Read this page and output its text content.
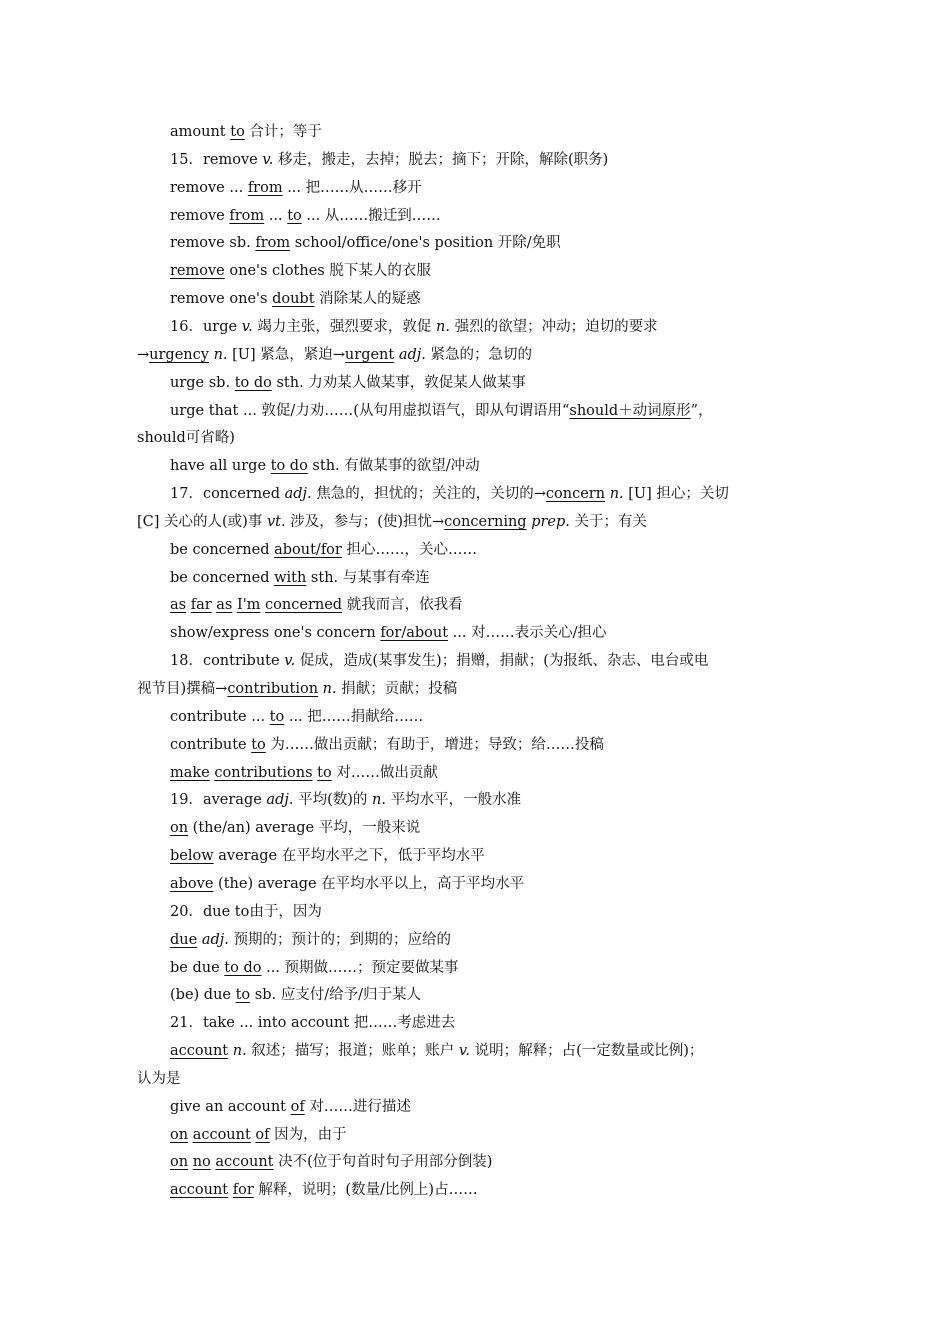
amount to 合计；等于
15．remove v. 移走，搬走，去掉；脱去；摘下；开除，解除(职务)
remove ... from ... 把……从……移开
remove from ... to ... 从……搬迁到……
remove sb. from school/office/one's position 开除/免职
remove one's clothes 脱下某人的衣服
remove one's doubt 消除某人的疑惑
16．urge v. 竭力主张，强烈要求，敦促 n. 强烈的欲望；冲动；迫切的要求
→urgency n. [U] 紧急，紧迫→urgent adj. 紧急的；急切的
urge sb. to do sth. 力劝某人做某事，敦促某人做某事
urge that ... 敦促/力劝……(从句用虚拟语气，即从句谓语用“should＋动词原形”，
should可省略)
have all urge to do sth. 有做某事的欲望/冲动
17．concerned adj. 焦急的，担忧的；关注的，关切的→concern n. [U] 担心；关切
[C] 关心的人(或)事 vt. 涉及，参与；(使)担忧→concerning prep. 关于；有关
be concerned about/for 担心……，关心……
be concerned with sth. 与某事有牵连
as far as I'm concerned 就我而言，依我看
show/express one's concern for/about ... 对……表示关心/担心
18．contribute v. 促成，造成(某事发生)；捐赠，捐献；(为报纸、杂志、电台或电
视节目)撰稿→contribution n. 捐献；贡献；投稿
contribute ... to ... 把……捐献给……
contribute to 为……做出贡献；有助于，增进；导致；给……投稿
make contributions to 对……做出贡献
19．average adj. 平均(数)的 n. 平均水平，一般水准
on (the/an) average 平均，一般来说
below average 在平均水平之下，低于平均水平
above (the) average 在平均水平以上，高于平均水平
20．due to由于，因为
due adj. 预期的；预计的；到期的；应给的
be due to do ... 预期做……；预定要做某事
(be) due to sb. 应支付/给予/归于某人
21．take ... into account 把……考虑进去
account n. 叙述；描写；报道；账单；账户 v. 说明；解释；占(一定数量或比例)；
认为是
give an account of 对……进行描述
on account of 因为，由于
on no account 决不(位于句首时句子用部分倒装)
account for 解释，说明；(数量/比例上)占……
